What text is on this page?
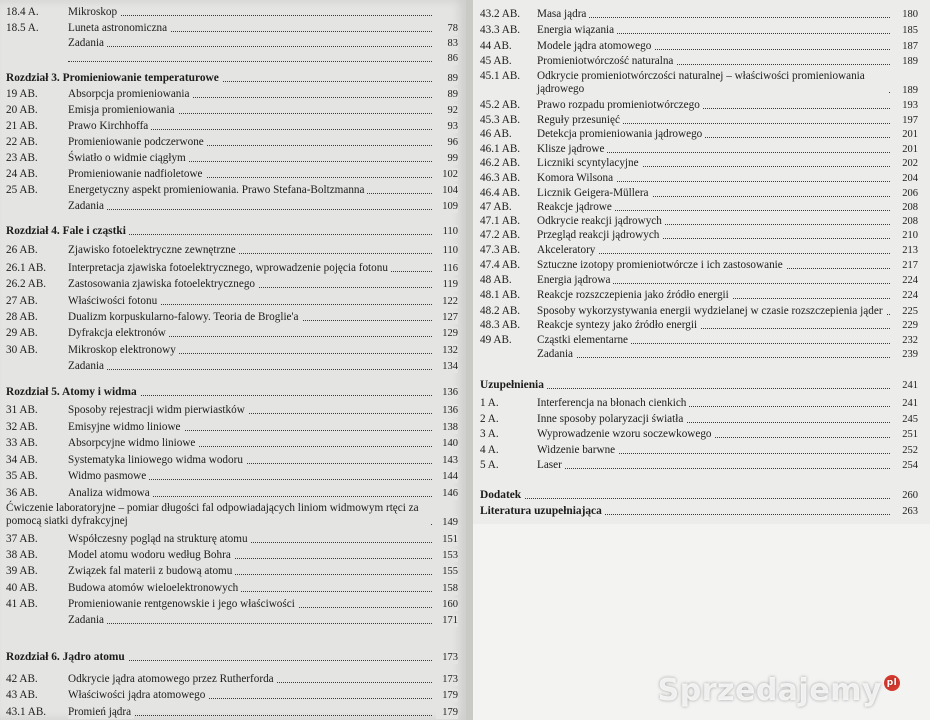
18.4 A.	Mikroskop
18.5 A.	Luneta astronomiczna	78
Zadania	83
86
Rozdział 3. Promieniowanie temperaturowe	89
19 AB.	Absorpcja promieniowania	89
20 AB.	Emisja promieniowania	92
21 AB.	Prawo Kirchhoffa	93
22 AB.	Promieniowanie podczerwone	96
23 AB.	Światło o widmie ciągłym	99
24 AB.	Promieniowanie nadfioletowe	102
25 AB.	Energetyczny aspekt promieniowania. Prawo Stefana-Boltzmanna	104
Zadania	109
Rozdział 4. Fale i cząstki	110
26 AB.	Zjawisko fotoelektryczne zewnętrzne	110
26.1 AB. Interpretacja zjawiska fotoelektrycznego, wprowadzenie pojęcia fotonu	116
26.2 AB. Zastosowania zjawiska fotoelektrycznego	119
27 AB.	Właściwości fotonu	122
28 AB.	Dualizm korpuskularno-falowy. Teoria de Broglie'a	127
29 AB.	Dyfrakcja elektronów	129
30 AB.	Mikroskop elektronowy	132
Zadania	134
Rozdział 5. Atomy i widma	136
31 AB.	Sposoby rejestracji widm pierwiastków	136
32 AB.	Emisyjne widmo liniowe	138
33 AB.	Absorpcyjne widmo liniowe	140
34 AB.	Systematyka liniowego widma wodoru	143
35 AB.	Widmo pasmowe	144
36 AB.	Analiza widmowa	146
Ćwiczenie laboratoryjne – pomiar długości fal odpowiadających liniom widmowym rtęci za pomocą siatki dyfrakcyjnej	149
37 AB.	Współczesny pogląd na strukturę atomu	151
38 AB.	Model atomu wodoru według Bohra	153
39 AB.	Związek fal materii z budową atomu	155
40 AB.	Budowa atomów wieloelektronowych	158
41 AB.	Promieniowanie rentgenowskie i jego właściwości	160
Zadania	171
Rozdział 6. Jądro atomu	173
42 AB.	Odkrycie jądra atomowego przez Rutherforda	173
43 AB.	Właściwości jądra atomowego	179
43.1 AB. Promień jądra	179
43.2 AB. Masa jądra	180
43.3 AB. Energia wiązania	185
44 AB. Modele jądra atomowego	187
45 AB. Promieniotwórczość naturalna	189
45.1 AB. Odkrycie promieniotwórczości naturalnej – właściwości promieniowania jądrowego	189
45.2 AB. Prawo rozpadu promieniotwórczego	193
45.3 AB. Reguły przesunięć	197
46 AB. Detekcja promieniowania jądrowego	201
46.1 AB. Klisze jądrowe	201
46.2 AB. Liczniki scyntylacyjne	202
46.3 AB. Komora Wilsona	204
46.4 AB. Licznik Geigera-Müllera	206
47 AB. Reakcje jądrowe	208
47.1 AB. Odkrycie reakcji jądrowych	208
47.2 AB. Przegląd reakcji jądrowych	210
47.3 AB. Akceleratory	213
47.4 AB. Sztuczne izotopy promieniotwórcze i ich zastosowanie	217
48 AB. Energia jądrowa	224
48.1 AB. Reakcje rozszczepienia jako źródło energii	224
48.2 AB. Sposoby wykorzystywania energii wydzielanej w czasie rozszczepienia jąder	225
48.3 AB. Reakcje syntezy jako źródło energii	229
49 AB. Cząstki elementarne	232
Zadania	239
Uzupełnienia	241
1 A.	Interferencja na błonach cienkich	241
2 A.	Inne sposoby polaryzacji światła	245
3 A.	Wyprowadzenie wzoru soczewkowego	251
4 A.	Widzenie barwne	252
5 A.	Laser	254
Dodatek	260
Literatura uzupełniająca	263
Sprzedajemy pl
